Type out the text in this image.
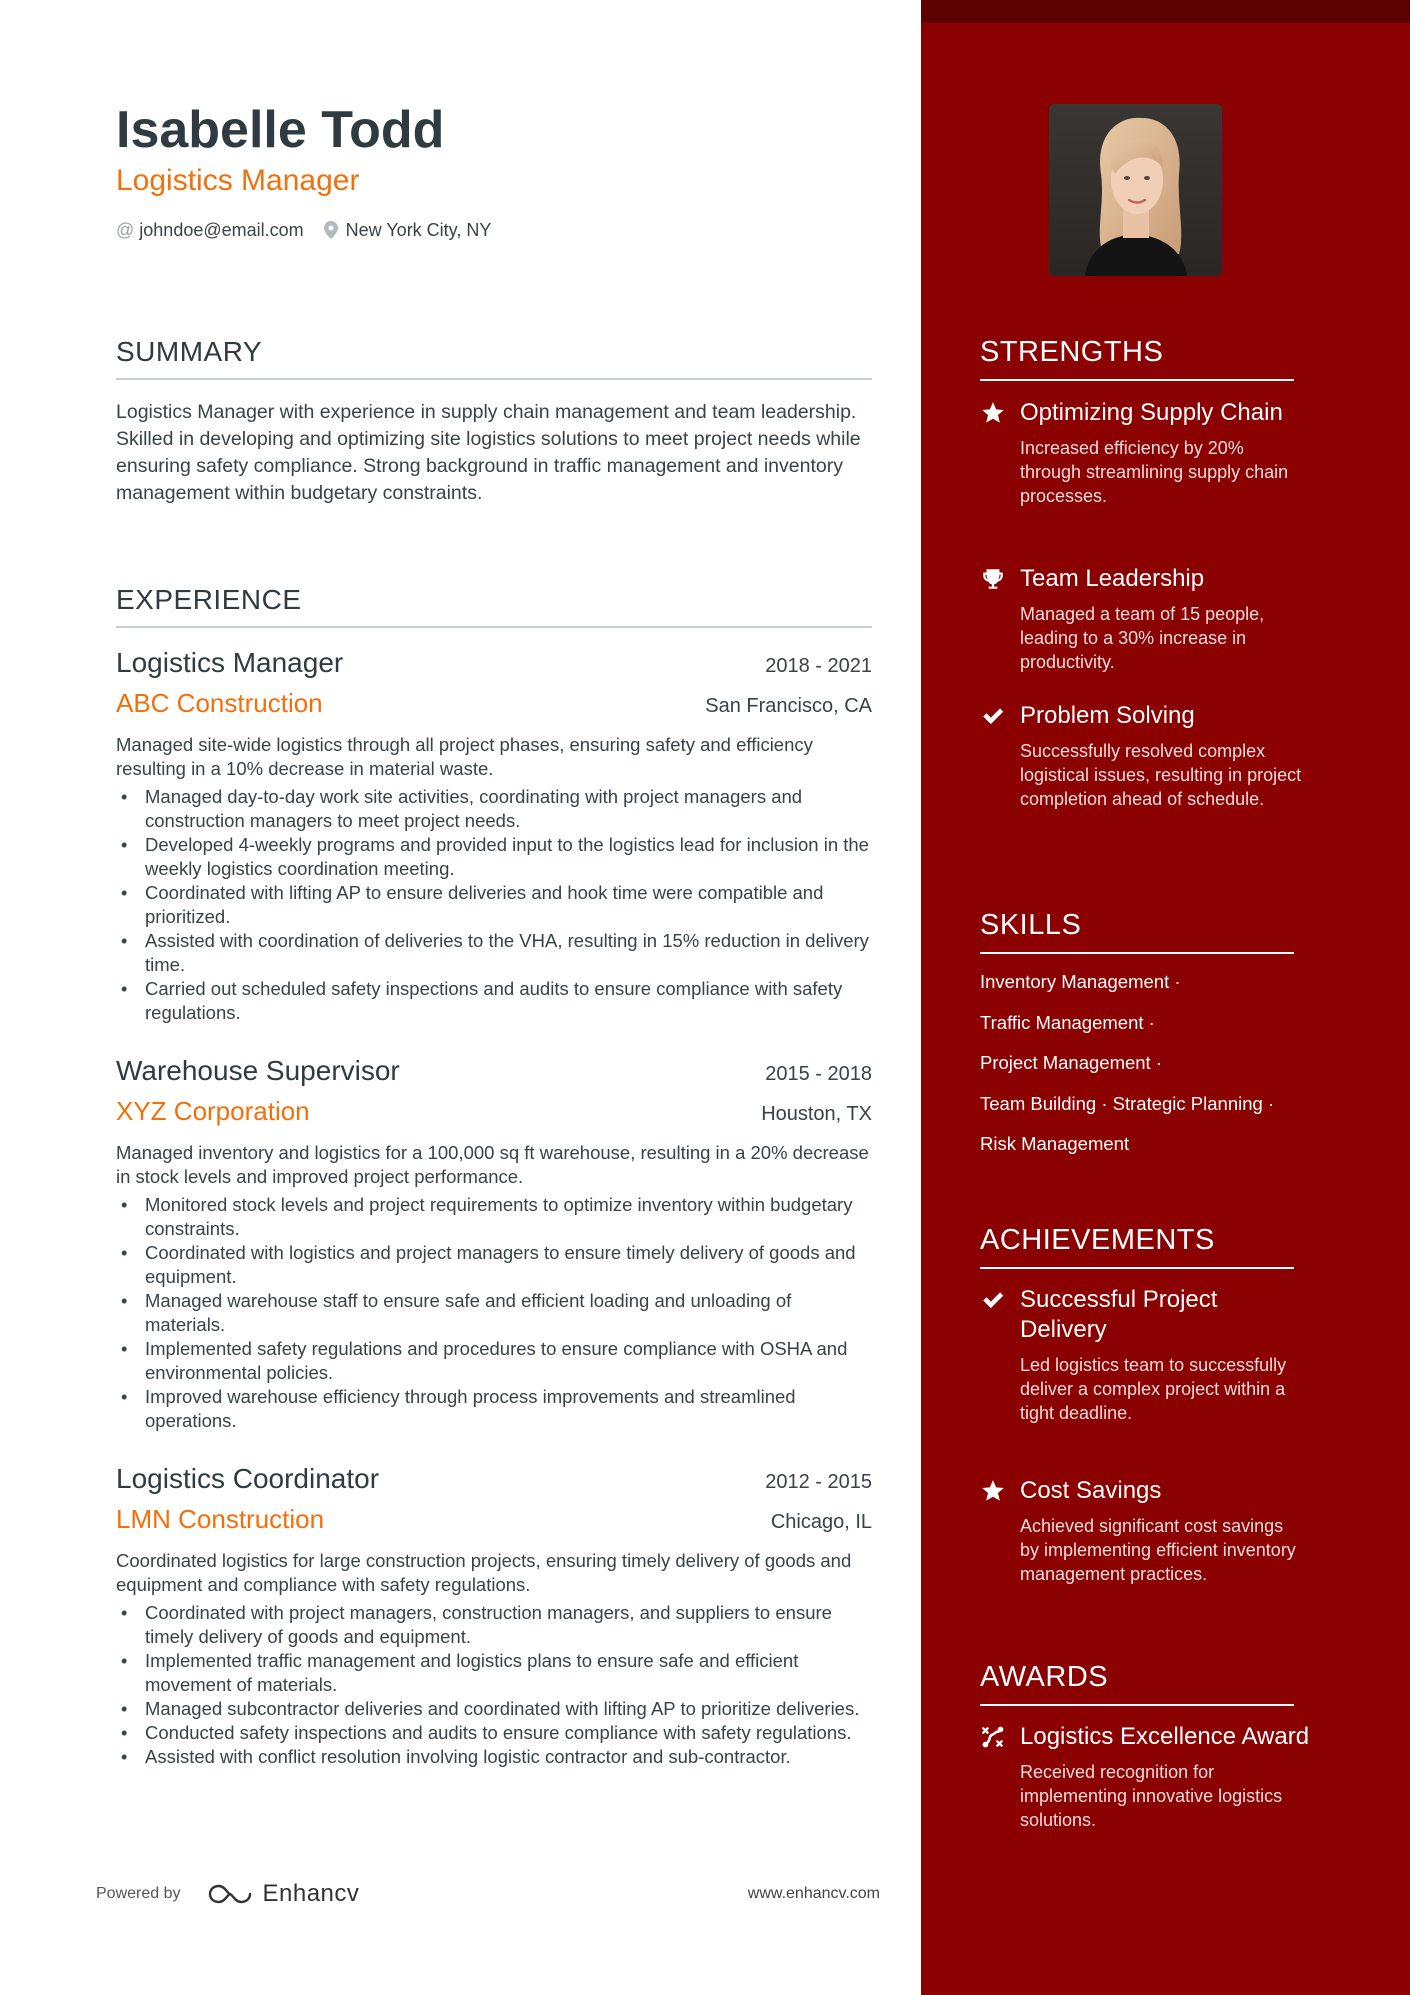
Isabelle Todd
Logistics Manager
@ johndoe@email.com New York City, NY
SUMMARY
Logistics Manager with experience in supply chain management and team leadership. Skilled in developing and optimizing site logistics solutions to meet project needs while ensuring safety compliance. Strong background in traffic management and inventory management within budgetary constraints.
EXPERIENCE
Logistics Manager	2018 - 2021
ABC Construction	San Francisco, CA
Managed site-wide logistics through all project phases, ensuring safety and efficiency resulting in a 10% decrease in material waste.
• Managed day-to-day work site activities, coordinating with project managers and construction managers to meet project needs.
• Developed 4-weekly programs and provided input to the logistics lead for inclusion in the weekly logistics coordination meeting.
• Coordinated with lifting AP to ensure deliveries and hook time were compatible and prioritized.
• Assisted with coordination of deliveries to the VHA, resulting in 15% reduction in delivery time.
• Carried out scheduled safety inspections and audits to ensure compliance with safety regulations.
Warehouse Supervisor	2015 - 2018
XYZ Corporation	Houston, TX
Managed inventory and logistics for a 100,000 sq ft warehouse, resulting in a 20% decrease in stock levels and improved project performance.
• Monitored stock levels and project requirements to optimize inventory within budgetary constraints.
• Coordinated with logistics and project managers to ensure timely delivery of goods and equipment.
• Managed warehouse staff to ensure safe and efficient loading and unloading of materials.
• Implemented safety regulations and procedures to ensure compliance with OSHA and environmental policies.
• Improved warehouse efficiency through process improvements and streamlined operations.
Logistics Coordinator	2012 - 2015
LMN Construction	Chicago, IL
Coordinated logistics for large construction projects, ensuring timely delivery of goods and equipment and compliance with safety regulations.
• Coordinated with project managers, construction managers, and suppliers to ensure timely delivery of goods and equipment.
• Implemented traffic management and logistics plans to ensure safe and efficient movement of materials.
• Managed subcontractor deliveries and coordinated with lifting AP to prioritize deliveries.
• Conducted safety inspections and audits to ensure compliance with safety regulations.
• Assisted with conflict resolution involving logistic contractor and sub-contractor.
Powered by	Enhancv	www.enhancv.com
STRENGTHS
Optimizing Supply Chain
Increased efficiency by 20% through streamlining supply chain processes.
Team Leadership
Managed a team of 15 people, leading to a 30% increase in productivity.
Problem Solving
Successfully resolved complex logistical issues, resulting in project completion ahead of schedule.
SKILLS
Inventory Management ·
Traffic Management ·
Project Management ·
Team Building · Strategic Planning ·
Risk Management
ACHIEVEMENTS
Successful Project Delivery
Led logistics team to successfully deliver a complex project within a tight deadline.
Cost Savings
Achieved significant cost savings by implementing efficient inventory management practices.
AWARDS
Logistics Excellence Award
Received recognition for implementing innovative logistics solutions.
